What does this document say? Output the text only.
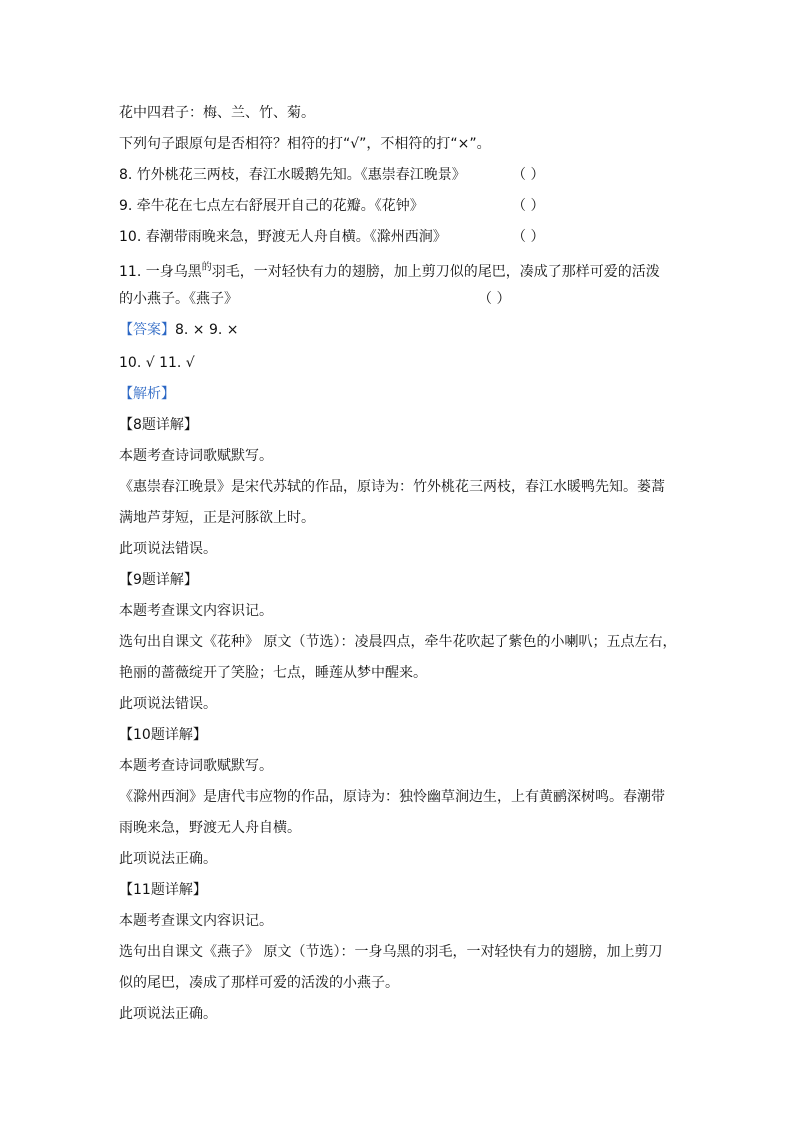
花中四君子：梅、兰、竹、菊。

下列句子跟原句是否相符？相符的打“√”，不相符的打“×”。

8. 竹外桃花三两枝，春江水暖鹅先知。《惠崇春江晚景》	（ ）

9. 牵牛花在七点左右舒展开自己的花瓣。《花钟》	（ ）

10. 春潮带雨晚来急，野渡无人舟自横。《滁州西涧》	（ ）

11. 一身乌黑$^的$羽毛，一对轻快有力的翅膀，加上剪刀似的尾巴，凑成了那样可爱的活泼

的小燕子。《燕子》	（ ）

【答案】8. × 9. ×

10. √ 11. √

【解析】

【8题详解】

本题考查诗词歌赋默写。

《惠崇春江晚景》是宋代苏轼的作品，原诗为：竹外桃花三两枝，春江水暖鸭先知。蒌蒿

满地芦芽短，正是河豚欲上时。

此项说法错误。

【9题详解】

本题考查课文内容识记。

选句出自课文《花种》 原文（节选）：凌晨四点，牵牛花吹起了紫色的小喇叭；五点左右，

艳丽的蔷薇绽开了笑脸；七点，睡莲从梦中醒来。

此项说法错误。

【10题详解】

本题考查诗词歌赋默写。

《滁州西涧》是唐代韦应物的作品，原诗为：独怜幽草涧边生，上有黄鹂深树鸣。春潮带

雨晚来急，野渡无人舟自横。

此项说法正确。

【11题详解】

本题考查课文内容识记。

选句出自课文《燕子》 原文（节选）：一身乌黑的羽毛，一对轻快有力的翅膀，加上剪刀

似的尾巴，凑成了那样可爱的活泼的小燕子。

此项说法正确。
